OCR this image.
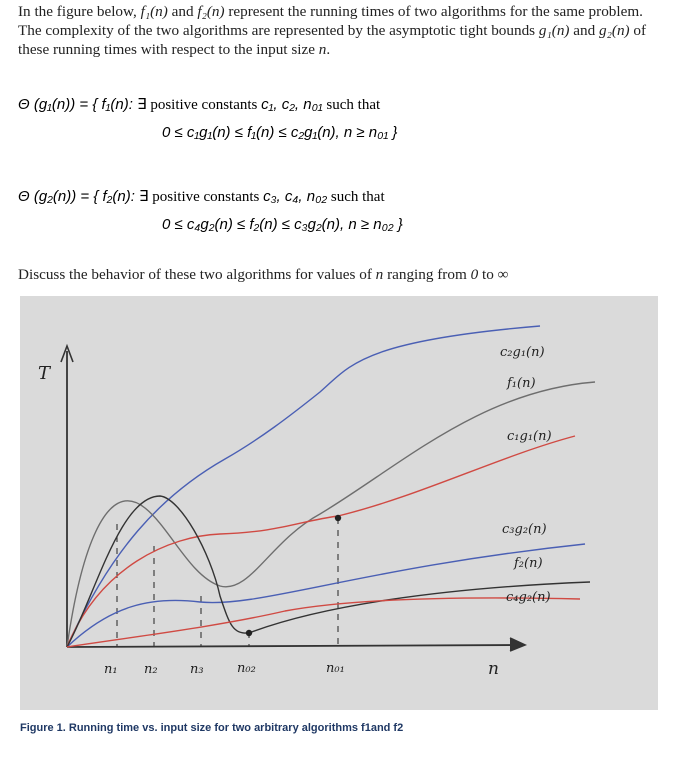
In the figure below, f₁(n) and f₂(n) represent the running times of two algorithms for the same problem. The complexity of the two algorithms are represented by the asymptotic tight bounds g₁(n) and g₂(n) of these running times with respect to the input size n.
Θ (g₁(n)) = { f₁(n): ∃ positive constants c₁, c₂, n₀₁ such that
0 ≤ c₁g₁(n) ≤ f₁(n) ≤ c₂g₁(n), n ≥ n₀₁ }
Θ (g₂(n)) = { f₂(n): ∃ positive constants c₃, c₄, n₀₂ such that
0 ≤ c₄g₂(n) ≤ f₂(n) ≤ c₃g₂(n), n ≥ n₀₂ }
Discuss the behavior of these two algorithms for values of n ranging from 0 to ∞
T
n
n₁ n₂ n₃	n₀₂	n₀₁
c₂g₁(n)
f₁(n)
c₁g₁(n)
c₃g₂(n)
f₂(n)
c₄g₂(n)
Figure 1. Running time vs. input size for two arbitrary algorithms f1and f2
